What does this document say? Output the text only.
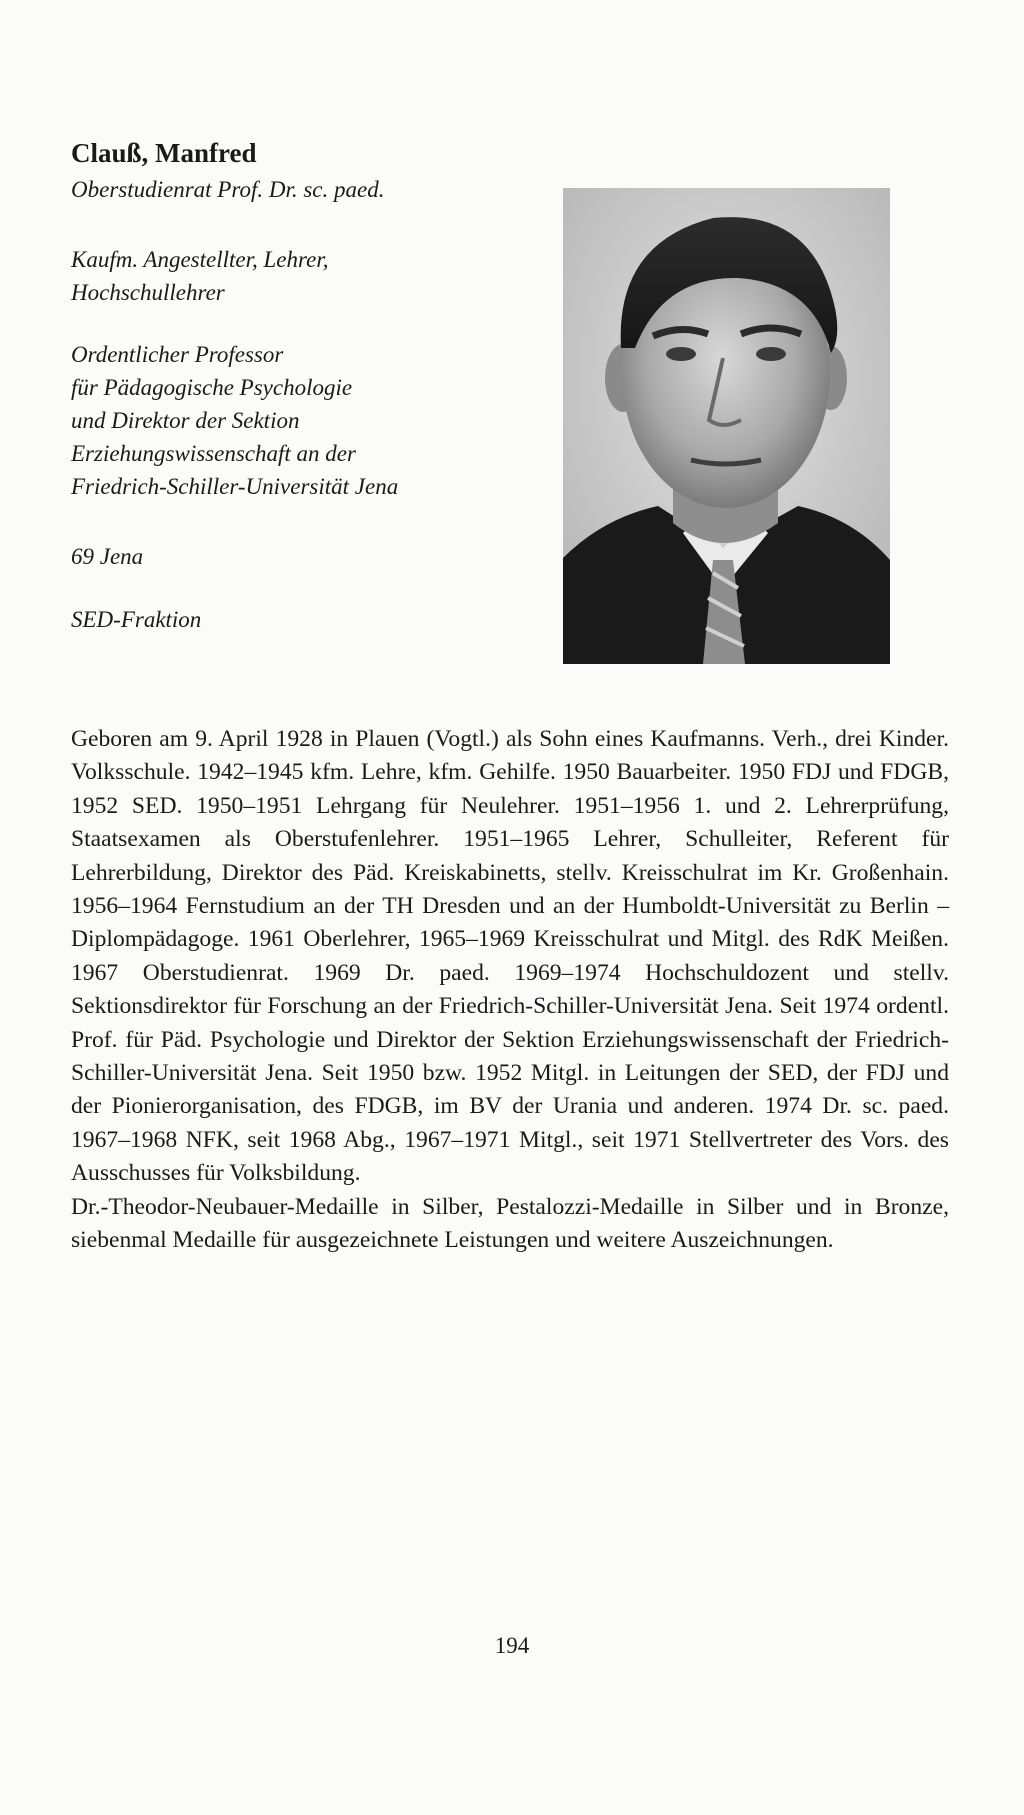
Clauß, Manfred
Oberstudienrat Prof. Dr. sc. paed.
Kaufm. Angestellter, Lehrer,
Hochschullehrer
Ordentlicher Professor
für Pädagogische Psychologie
und Direktor der Sektion
Erziehungswissenschaft an der
Friedrich-Schiller-Universität Jena
69 Jena
SED-Fraktion

Geboren am 9. April 1928 in Plauen (Vogtl.) als Sohn eines Kaufmanns. Verh., drei Kinder. Volksschule. 1942–1945 kfm. Lehre, kfm. Gehilfe. 1950 Bauarbeiter. 1950 FDJ und FDGB, 1952 SED. 1950–1951 Lehrgang für Neulehrer. 1951–1956 1. und 2. Lehrerprüfung, Staatsexamen als Oberstufenlehrer. 1951–1965 Lehrer, Schulleiter, Referent für Lehrerbildung, Direktor des Päd. Kreiskabinetts, stellv. Kreisschulrat im Kr. Großenhain. 1956–1964 Fernstudium an der TH Dresden und an der Humboldt-Universität zu Berlin – Diplompädagoge. 1961 Oberlehrer, 1965–1969 Kreisschulrat und Mitgl. des RdK Meißen. 1967 Oberstudienrat. 1969 Dr. paed. 1969–1974 Hochschuldozent und stellv. Sektionsdirektor für Forschung an der Friedrich-Schiller-Universität Jena. Seit 1974 ordentl. Prof. für Päd. Psychologie und Direktor der Sektion Erziehungswissenschaft der Friedrich-Schiller-Universität Jena. Seit 1950 bzw. 1952 Mitgl. in Leitungen der SED, der FDJ und der Pionierorganisation, des FDGB, im BV der Urania und anderen. 1974 Dr. sc. paed. 1967–1968 NFK, seit 1968 Abg., 1967–1971 Mitgl., seit 1971 Stellvertreter des Vors. des Ausschusses für Volksbildung.

Dr.-Theodor-Neubauer-Medaille in Silber, Pestalozzi-Medaille in Silber und in Bronze, siebenmal Medaille für ausgezeichnete Leistungen und weitere Auszeichnungen.

194
